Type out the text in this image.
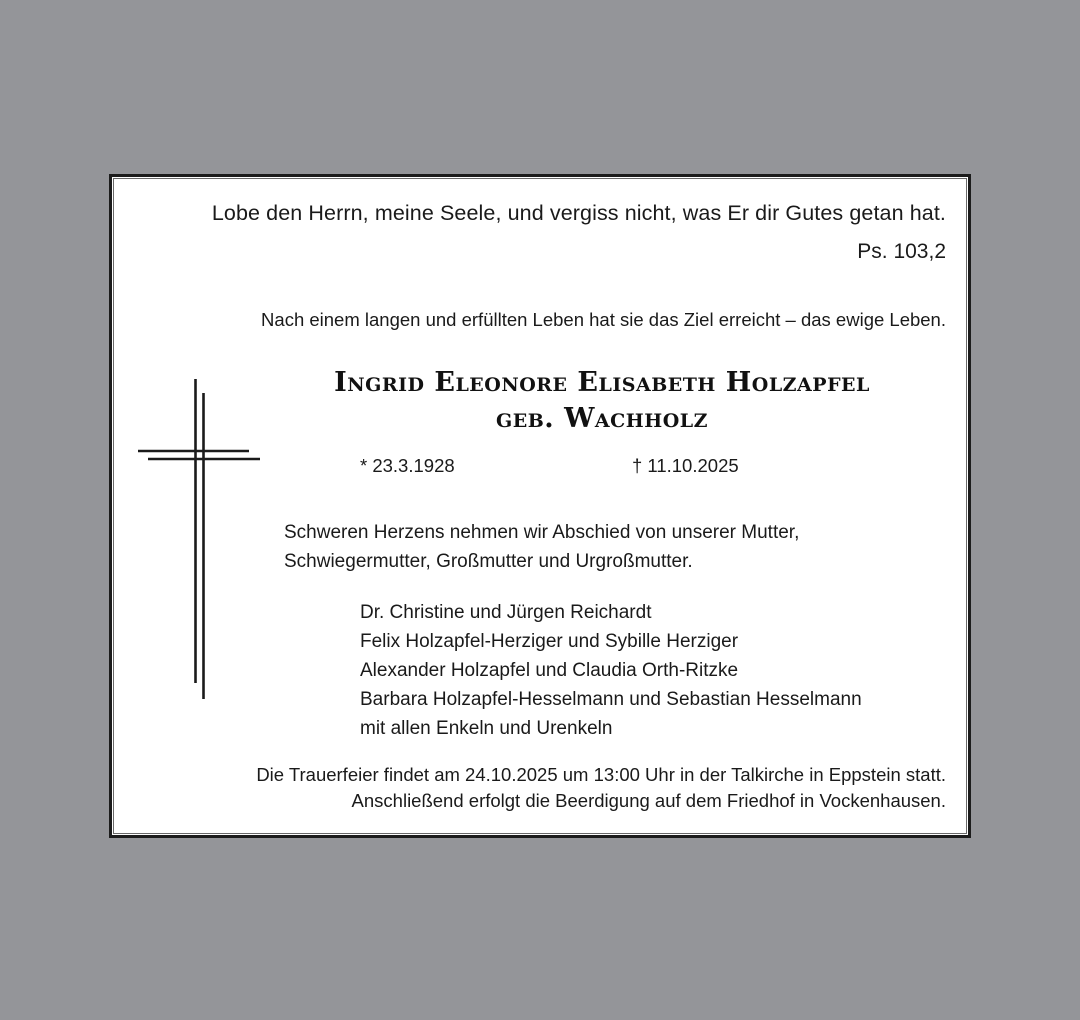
Lobe den Herrn, meine Seele, und vergiss nicht, was Er dir Gutes getan hat.
Ps. 103,2
Nach einem langen und erfüllten Leben hat sie das Ziel erreicht – das ewige Leben.
Ingrid Eleonore Elisabeth Holzapfel
geb. Wachholz
* 23.3.1928	† 11.10.2025
Schweren Herzens nehmen wir Abschied von unserer Mutter,
Schwiegermutter, Großmutter und Urgroßmutter.
Dr. Christine und Jürgen Reichardt
Felix Holzapfel-Herziger und Sybille Herziger
Alexander Holzapfel und Claudia Orth-Ritzke
Barbara Holzapfel-Hesselmann und Sebastian Hesselmann
mit allen Enkeln und Urenkeln
Die Trauerfeier findet am 24.10.2025 um 13:00 Uhr in der Talkirche in Eppstein statt.
Anschließend erfolgt die Beerdigung auf dem Friedhof in Vockenhausen.
